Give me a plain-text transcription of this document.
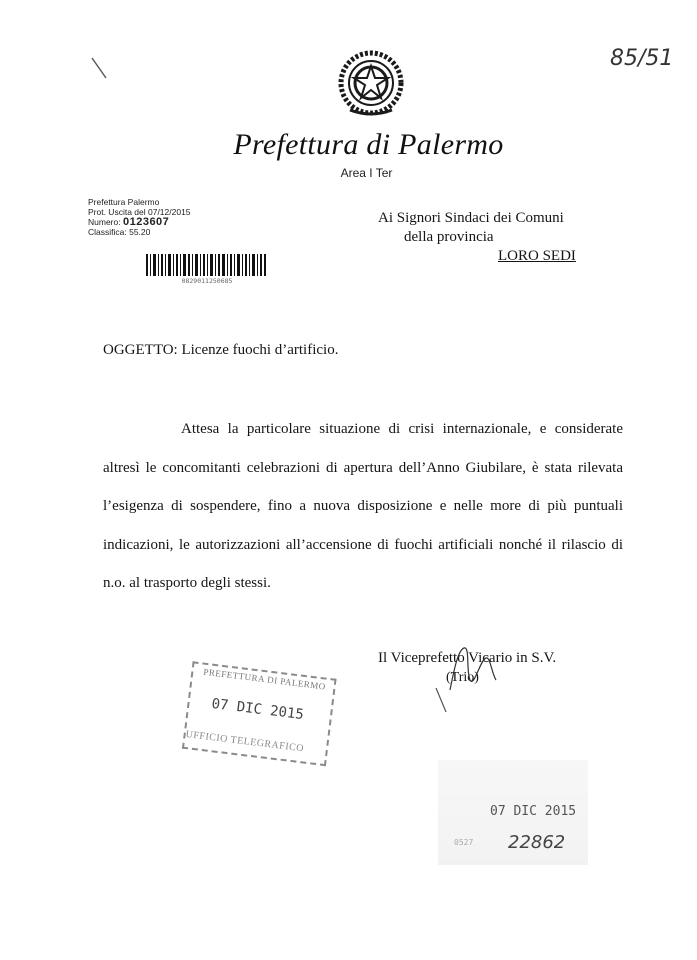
85/51
Prefettura di Palermo
Area I Ter
Prefettura Palermo
Prot. Uscita del 07/12/2015
Numero: 0123607
Classifica: 55.20
0829011250685
Ai Signori Sindaci dei Comuni
della provincia
LORO SEDI
OGGETTO: Licenze fuochi d’artificio.
Attesa la particolare situazione di crisi internazionale, e considerate altresì le concomitanti celebrazioni di apertura dell’Anno Giubilare, è stata rilevata l’esigenza di sospendere, fino a nuova disposizione e nelle more di più puntuali indicazioni, le autorizzazioni all’accensione di fuochi artificiali nonché il rilascio di n.o. al trasporto degli stessi.
Il Viceprefetto Vicario in S.V.
(Trio)
PREFETTURA DI PALERMO
07 DIC 2015
UFFICIO TELEGRAFICO
07 DIC 2015
0527 22862
